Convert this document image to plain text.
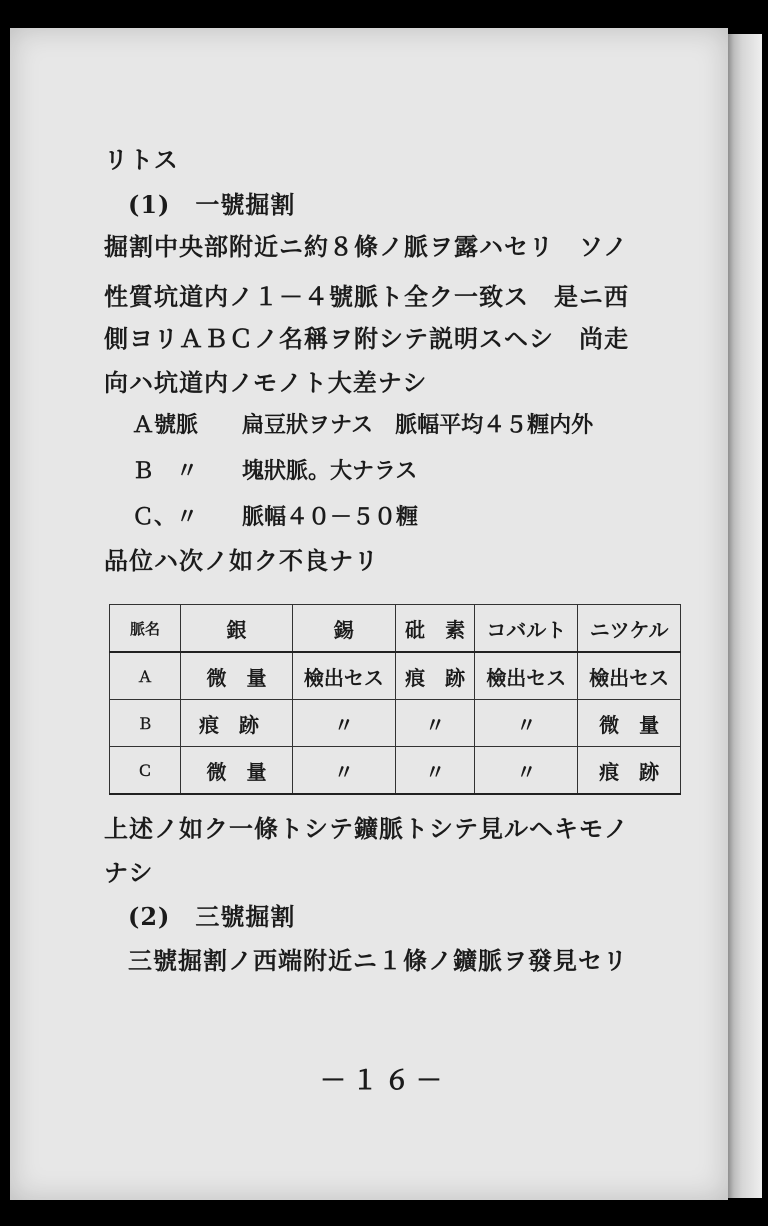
リトス
(1)　一號掘割
掘割中央部附近ニ約８條ノ脈ヲ露ハセリ　ソノ
性質坑道内ノ１－４號脈ト全ク一致ス　是ニ西
側ヨリＡＢＣノ名稱ヲ附シテ説明スヘシ　尚走
向ハ坑道内ノモノト大差ナシ
Ａ號脈 扁豆狀ヲナス　脈幅平均４５糎内外
Ｂ　〃 塊狀脈。大ナラス
Ｃ、〃 脈幅４０－５０糎
品位ハ次ノ如ク不良ナリ
脈名	銀	錫	砒　素	コバルト	ニツケル
Ａ	微　量	檢出セス	痕　跡	檢出セス	檢出セス
Ｂ	痕　跡	〃	〃	〃	微　量
Ｃ	微　量	〃	〃	〃	痕　跡
上述ノ如ク一條トシテ鑛脈トシテ見ルヘキモノ
ナシ
(2)　三號掘割
三號掘割ノ西端附近ニ１條ノ鑛脈ヲ發見セリ
－１６－
